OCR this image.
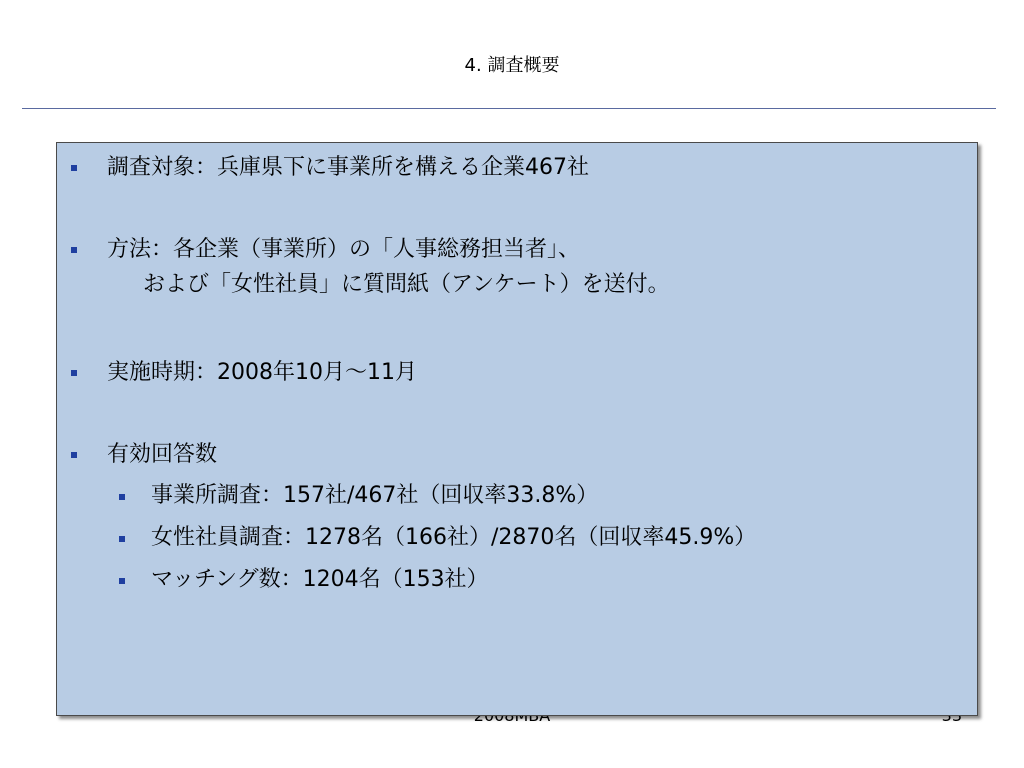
4. 調査概要
調査対象：兵庫県下に事業所を構える企業467社
方法：各企業（事業所）の「人事総務担当者」、
および「女性社員」に質問紙（アンケート）を送付。
実施時期：2008年10月～11月
有効回答数
事業所調査：157社/467社（回収率33.8%）
女性社員調査：1278名（166社）/2870名（回収率45.9%）
マッチング数：1204名（153社）
